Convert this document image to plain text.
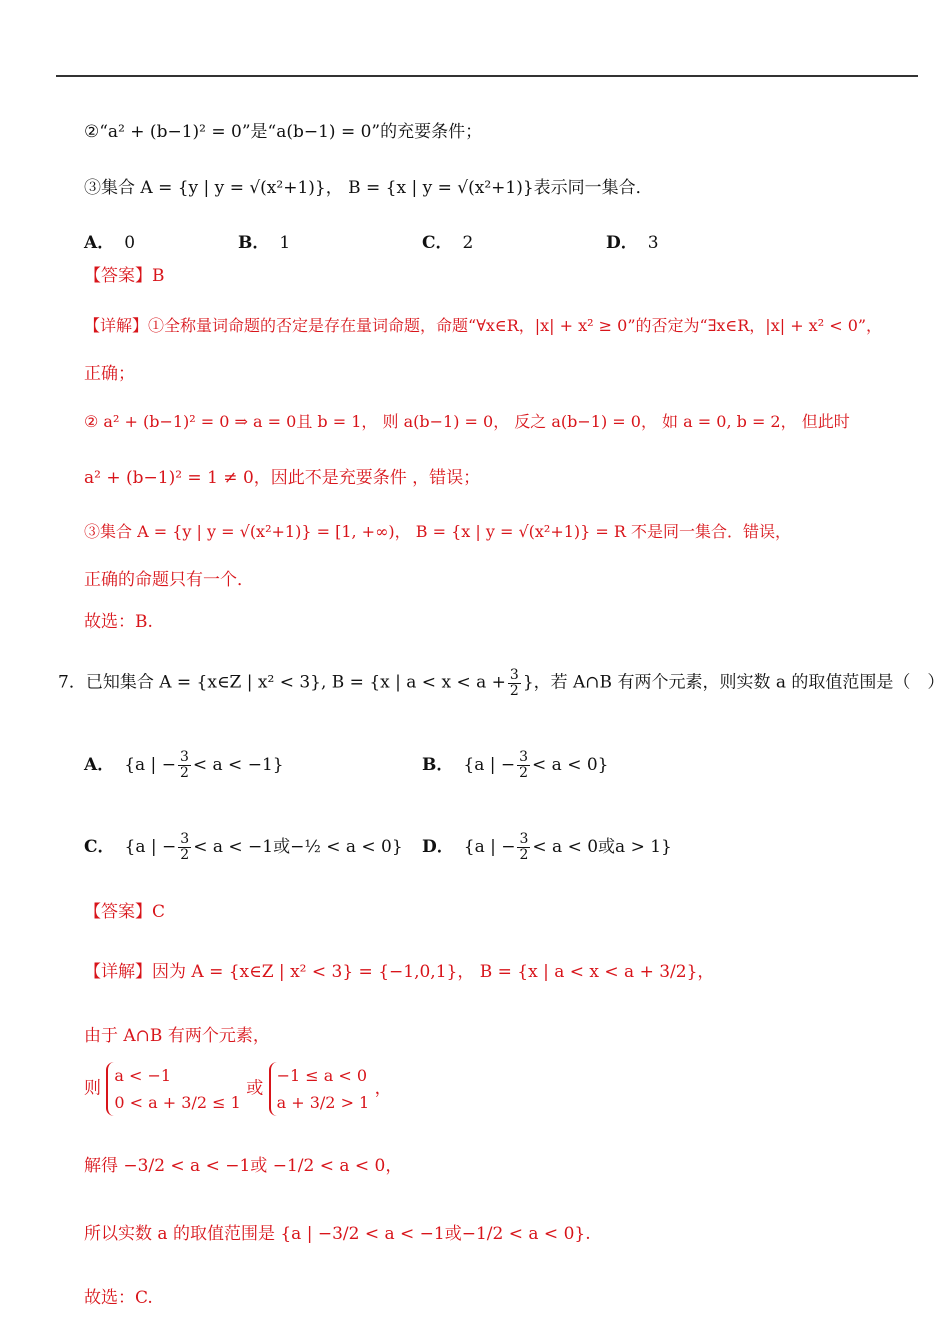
②“a² + (b−1)² = 0”是“a(b−1) = 0”的充要条件；
③集合 A = {y | y = √(x²+1)}， B = {x | y = √(x²+1)}表示同一集合．
A． 0	B． 1	C． 2	D． 3
【答案】B
【详解】①全称量词命题的否定是存在量词命题，命题“∀x∈R，|x| + x² ≥ 0”的否定为“∃x∈R，|x| + x² < 0”，
正确；
② a² + (b−1)² = 0 ⇒ a = 0且 b = 1， 则 a(b−1) = 0， 反之 a(b−1) = 0， 如 a = 0, b = 2， 但此时
a² + (b−1)² = 1 ≠ 0，因此不是充要条件 ，错误；
③集合 A = {y | y = √(x²+1)} = [1, +∞)， B = {x | y = √(x²+1)} = R 不是同一集合．错误，
正确的命题只有一个．
故选：B.
7．已知集合 A = {x∈Z | x² < 3}, B = {x | $a < x < a + \frac{3}{2}$ }，若 A∩B 有两个元素，则实数 a 的取值范围是（　）
A． {a | − $\frac{3}{2} < a < -1$}	B． {a | − $\frac{3}{2} < a < 0$}
C． {a | − $\frac{3}{2} < a < -1$或−½ < a < 0} D． {a | − $\frac{3}{2} < a < 0$或a > 1}
【答案】C
【详解】因为 A = {x∈Z | x² < 3} = {−1,0,1}， B = {x | a < x < a + 3/2}，
由于 A∩B 有两个元素，
则
a < −1
0 < a + 3/2 ≤ 1
或
−1 ≤ a < 0
a + 3/2 > 1
，
解得 −3/2 < a < −1或 −1/2 < a < 0，
所以实数 a 的取值范围是 {a | −3/2 < a < −1或−1/2 < a < 0}.
故选：C.
